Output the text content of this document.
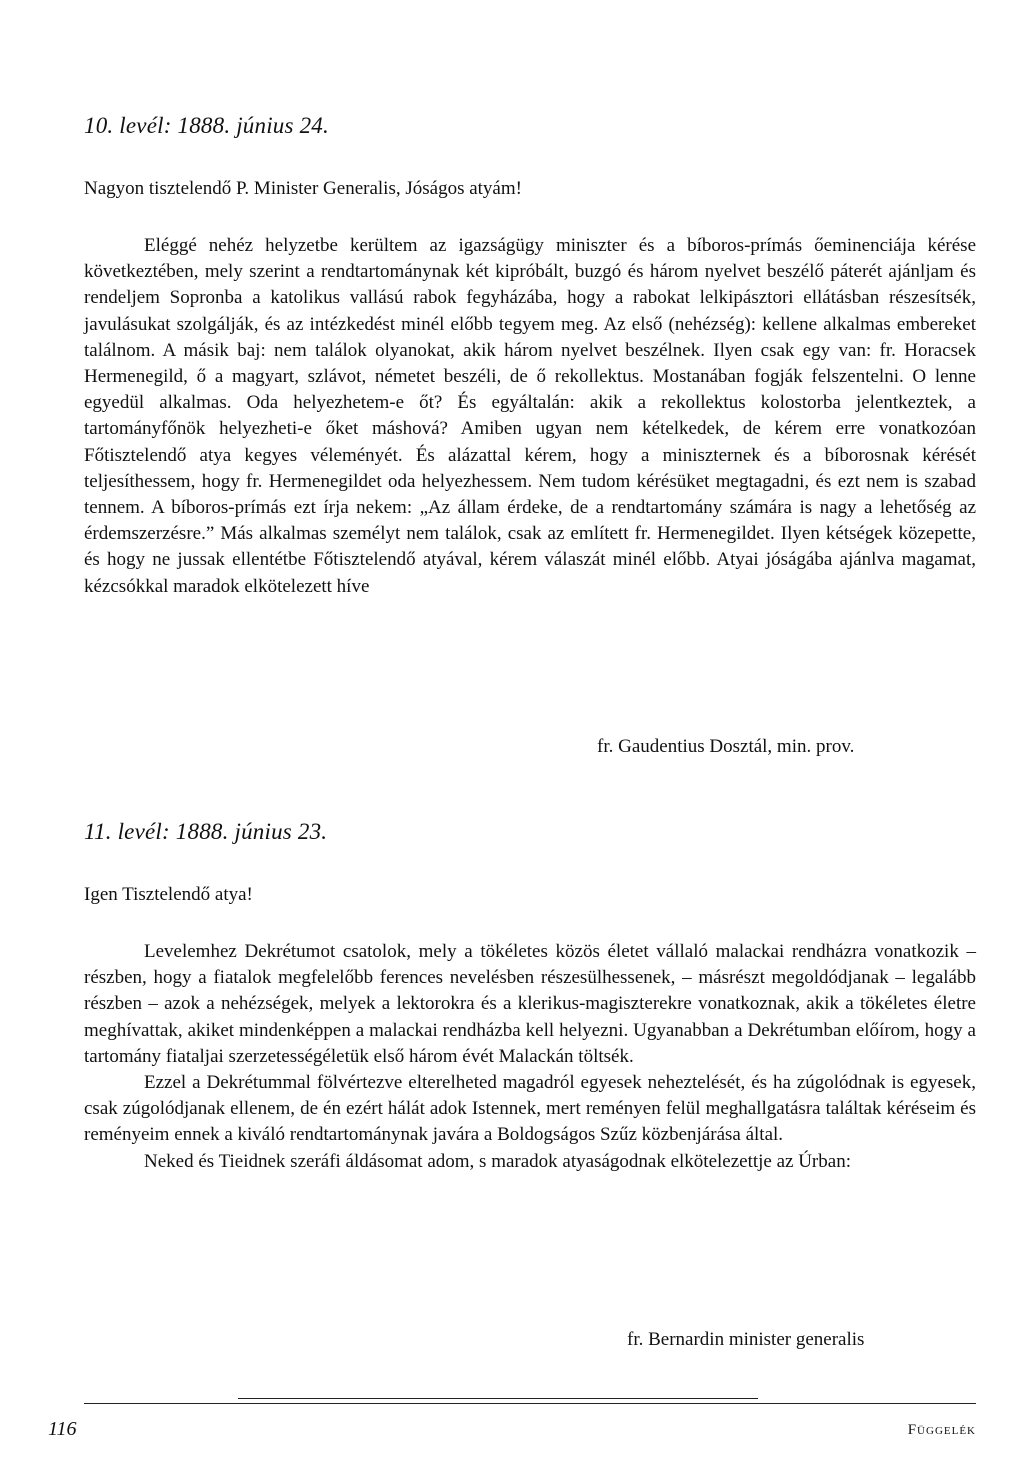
10. levél: 1888. június 24.

Nagyon tisztelendő P. Minister Generalis, Jóságos atyám!

Eléggé nehéz helyzetbe kerültem az igazságügy miniszter és a bíboros-prímás őeminenciája kérése következtében, mely szerint a rendtartománynak két kipróbált, buzgó és három nyelvet beszélő páterét ajánljam és rendeljem Sopronba a katolikus vallású rabok fegyházába, hogy a rabokat lelkipásztori ellátásban részesítsék, javulásukat szolgálják, és az intézkedést minél előbb tegyem meg. Az első (nehézség): kellene alkalmas embereket találnom. A másik baj: nem találok olyanokat, akik három nyelvet beszélnek. Ilyen csak egy van: fr. Horacsek Hermenegild, ő a magyart, szlávot, németet beszéli, de ő rekollektus. Mostanában fogják felszentelni. O lenne egyedül alkalmas. Oda helyezhetem-e őt? És egyáltalán: akik a rekollektus kolostorba jelentkeztek, a tartományfőnök helyezheti-e őket máshová? Amiben ugyan nem kételkedek, de kérem erre vonatkozóan Főtisztelendő atya kegyes véleményét. És alázattal kérem, hogy a miniszternek és a bíborosnak kérését teljesíthessem, hogy fr. Hermenegildet oda helyezhessem. Nem tudom kérésüket megtagadni, és ezt nem is szabad tennem. A bíboros-prímás ezt írja nekem: „Az állam érdeke, de a rendtartomány számára is nagy a lehetőség az érdemszerzésre.” Más alkalmas személyt nem találok, csak az említett fr. Hermenegildet. Ilyen kétségek közepette, és hogy ne jussak ellentétbe Főtisztelendő atyával, kérem válaszát minél előbb. Atyai jóságába ajánlva magamat, kézcsókkal maradok elkötelezett híve

fr. Gaudentius Dosztál, min. prov.

11. levél: 1888. június 23.

Igen Tisztelendő atya!

Levelemhez Dekrétumot csatolok, mely a tökéletes közös életet vállaló malackai rendházra vonatkozik – részben, hogy a fiatalok megfelelőbb ferences nevelésben részesülhessenek, – másrészt megoldódjanak – legalább részben – azok a nehézségek, melyek a lektorokra és a klerikus-magiszterekre vonatkoznak, akik a tökéletes életre meghívattak, akiket mindenképpen a malackai rendházba kell helyezni. Ugyanabban a Dekrétumban előírom, hogy a tartomány fiataljai szerzetességéletük első három évét Malackán töltsék.

Ezzel a Dekrétummal fölvértezve elterelheted magadról egyesek neheztelését, és ha zúgolódnak is egyesek, csak zúgolódjanak ellenem, de én ezért hálát adok Istennek, mert reményen felül meghallgatásra találtak kéréseim és reményeim ennek a kiváló rendtartománynak javára a Boldogságos Szűz közbenjárása által.

Neked és Tieidnek szeráfi áldásomat adom, s maradok atyaságodnak elkötelezettje az Úrban:

fr. Bernardin minister generalis

116	Függelék
